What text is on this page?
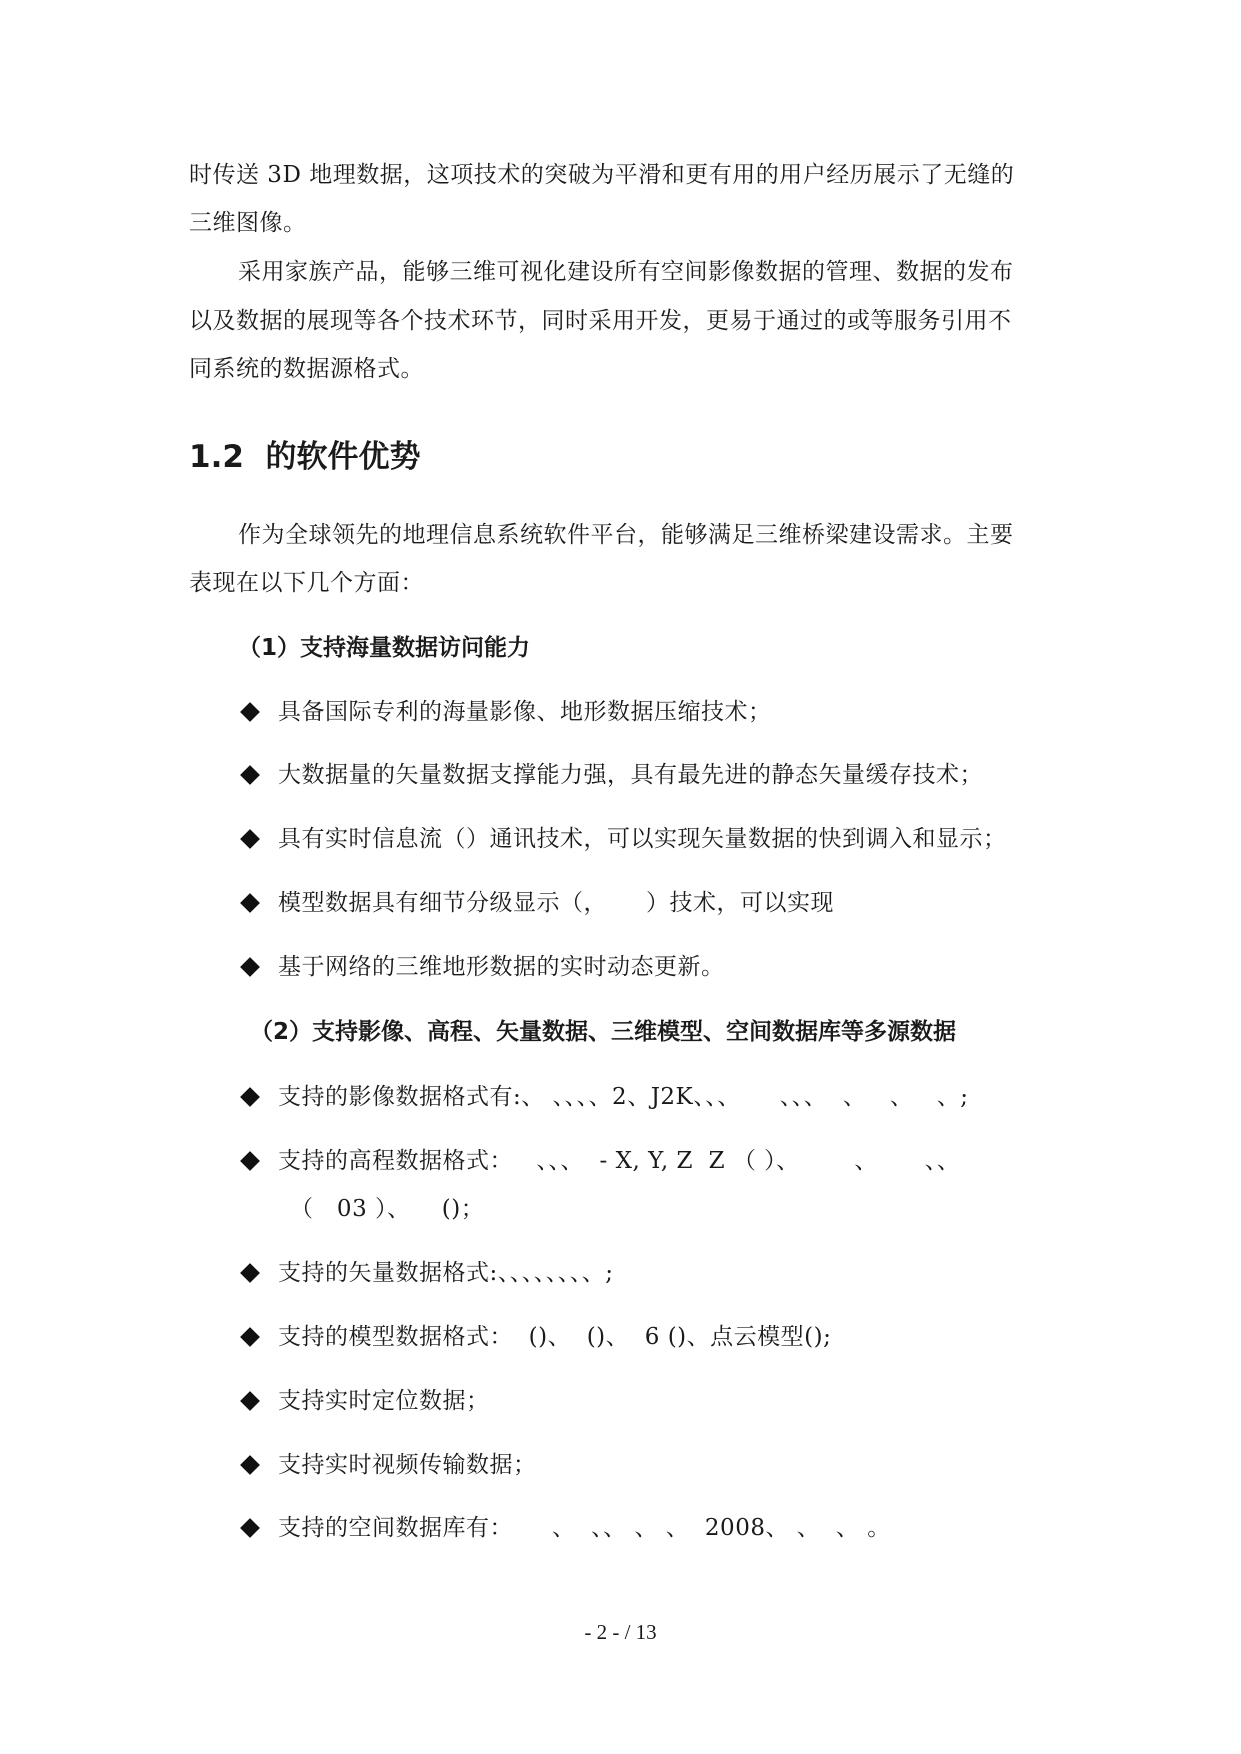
时传送 3D 地理数据，这项技术的突破为平滑和更有用的用户经历展示了无缝的
三维图像。
采用家族产品，能够三维可视化建设所有空间影像数据的管理、数据的发布
以及数据的展现等各个技术环节，同时采用开发，更易于通过的或等服务引用不
同系统的数据源格式。
1.2  的软件优势
作为全球领先的地理信息系统软件平台，能够满足三维桥梁建设需求。主要
表现在以下几个方面：
（1）支持海量数据访问能力
具备国际专利的海量影像、地形数据压缩技术；
大数据量的矢量数据支撑能力强，具有最先进的静态矢量缓存技术；
具有实时信息流（）通讯技术，可以实现矢量数据的快到调入和显示；
模型数据具有细节分级显示（，     ）技术，可以实现
基于网络的三维地形数据的实时动态更新。
（2）支持影像、高程、矢量数据、三维模型、空间数据库等多源数据
支持的影像数据格式有:、 、、、、2、J2K、、、     、、、  、   、   、;
支持的高程数据格式：   、、、  - X, Y, Z  Z （ ）、       、      、、
（   03 ）、    ()；
支持的矢量数据格式:、、、、、、、、;
支持的模型数据格式：  ()、  ()、  6 ()、点云模型();
支持实时定位数据；
支持实时视频传输数据；
支持的空间数据库有：     、  、、 、 、  2008、 、  、 。
- 2 - / 13
